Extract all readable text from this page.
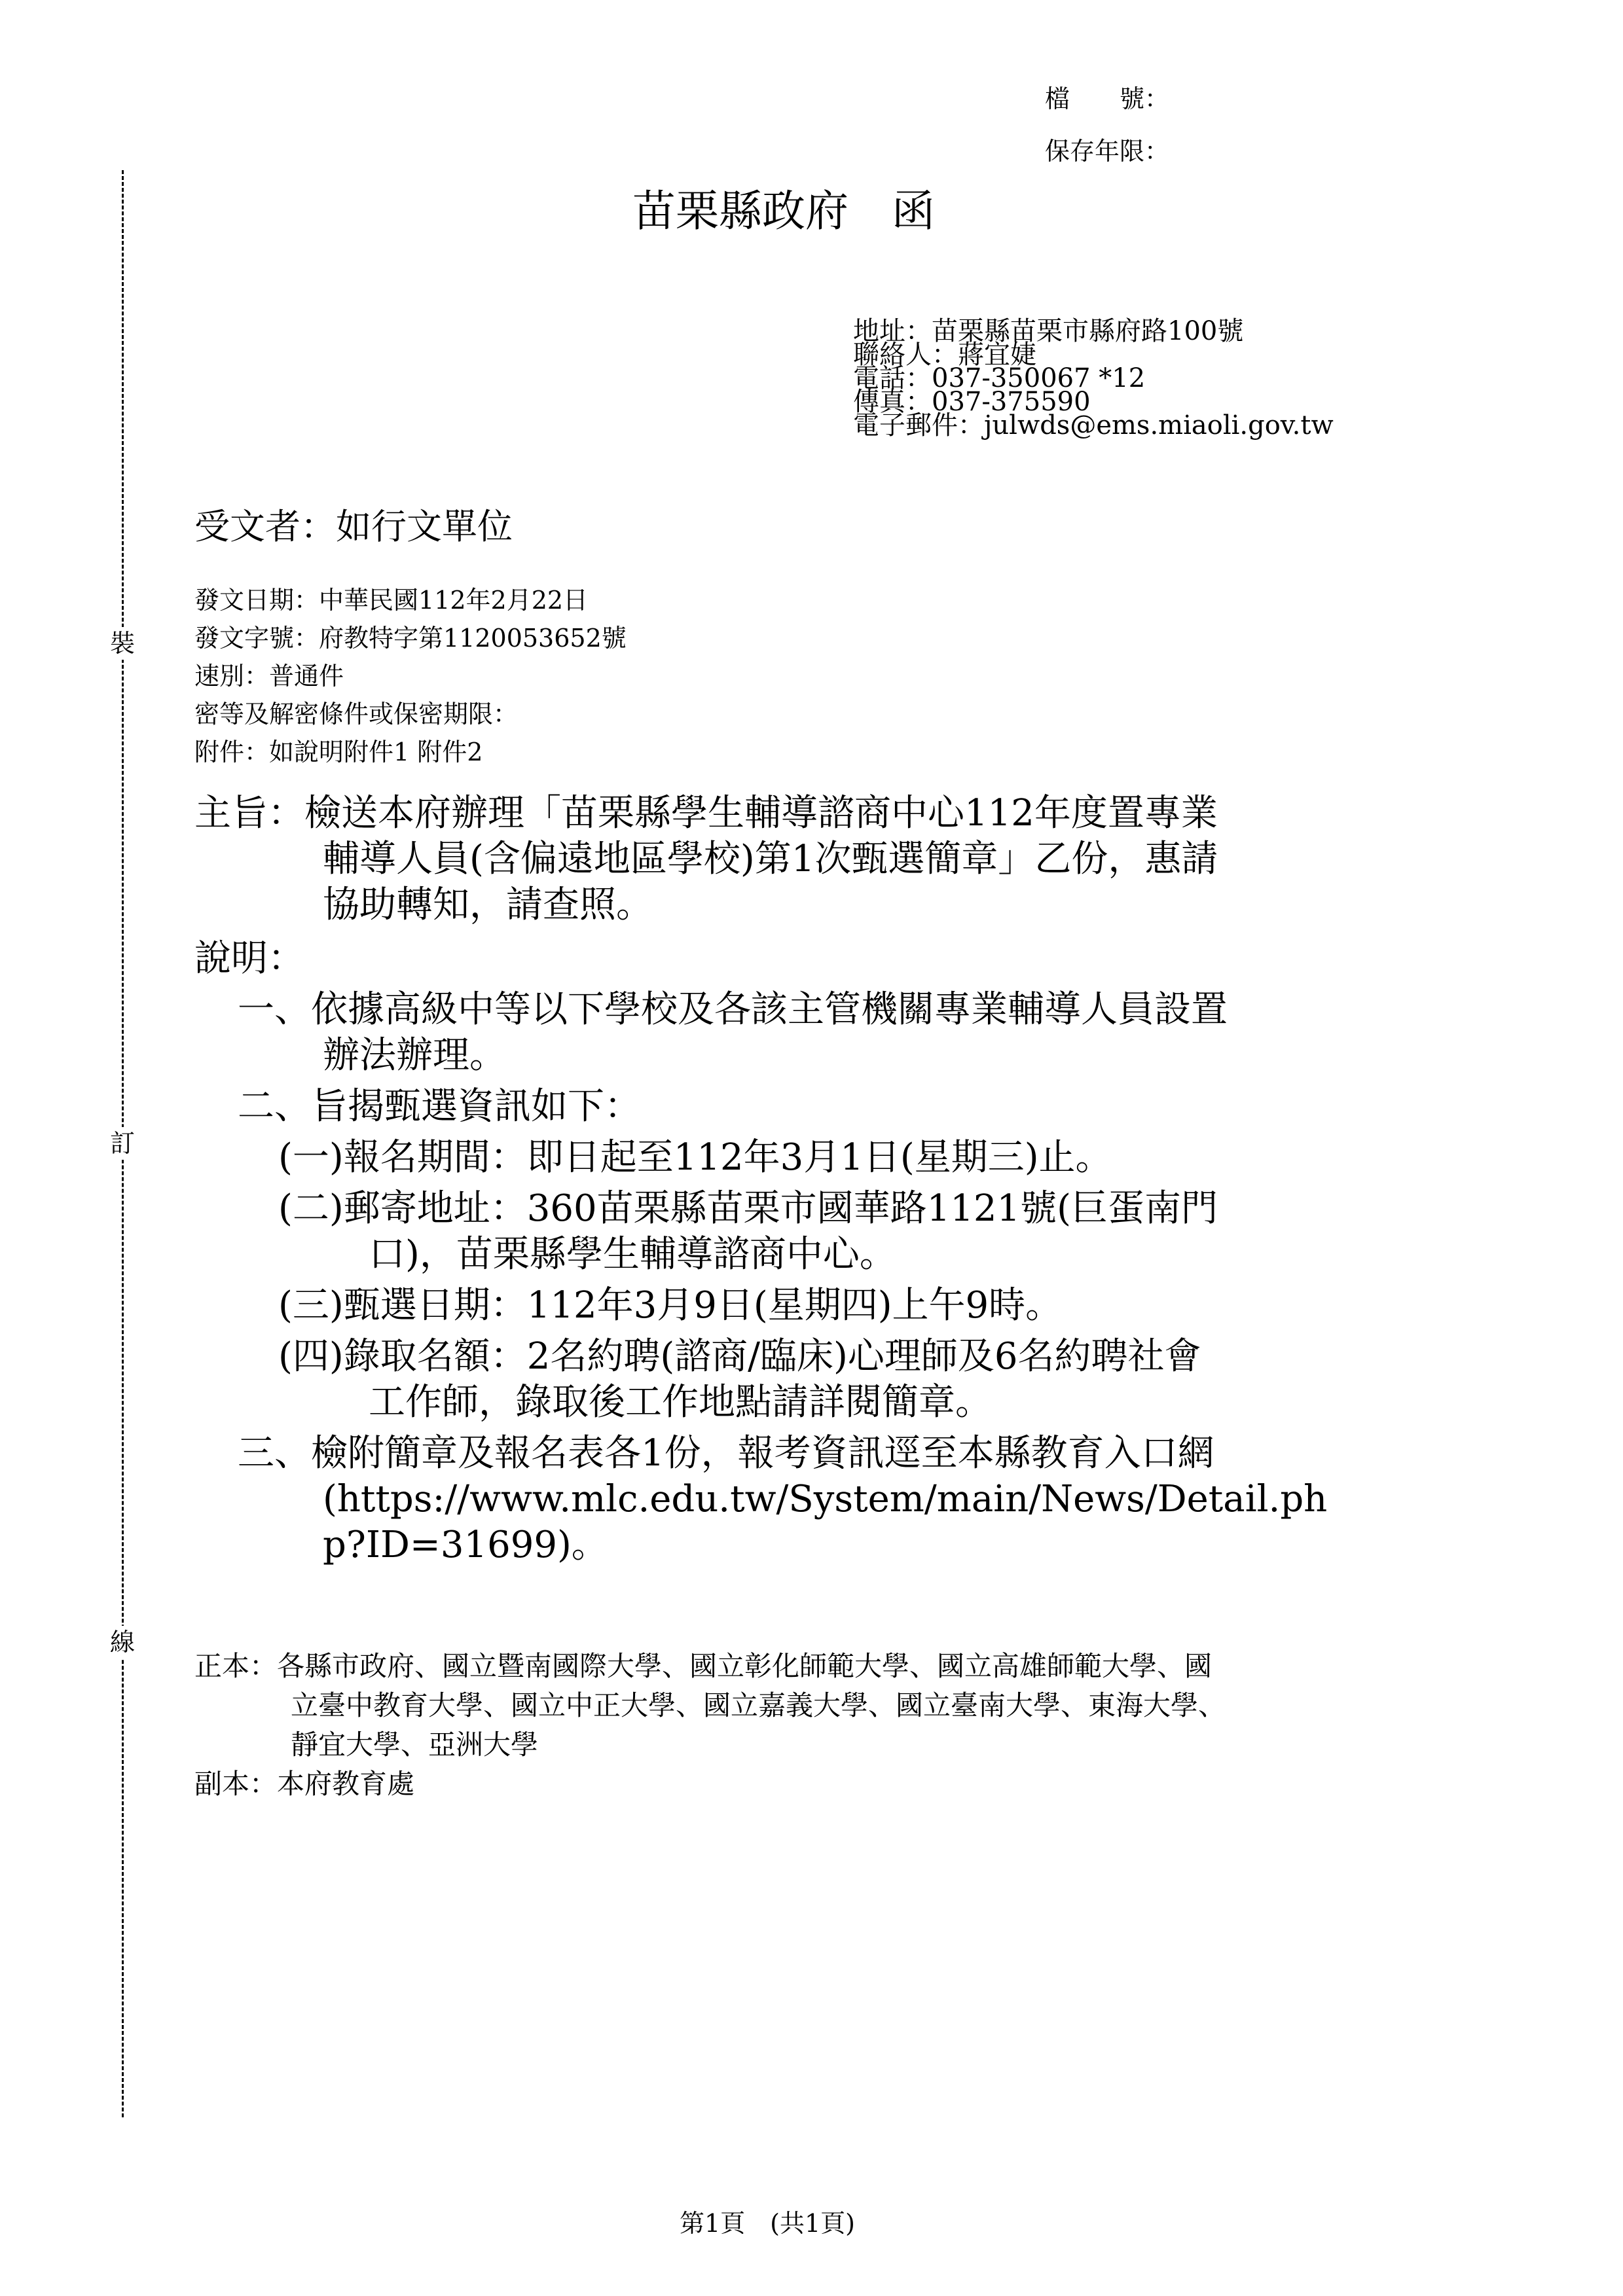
裝
訂
線
檔　　號：
保存年限：
苗栗縣政府　函
地址：苗栗縣苗栗市縣府路100號
聯絡人：蔣宜婕
電話：037-350067 *12
傳真：037-375590
電子郵件：julwds@ems.miaoli.gov.tw
受文者：如行文單位
發文日期：中華民國112年2月22日
發文字號：府教特字第1120053652號
速別：普通件
密等及解密條件或保密期限：
附件：如說明附件1 附件2
主旨：檢送本府辦理「苗栗縣學生輔導諮商中心112年度置專業
輔導人員(含偏遠地區學校)第1次甄選簡章」乙份，惠請
協助轉知，請查照。
說明：
一、依據高級中等以下學校及各該主管機關專業輔導人員設置
辦法辦理。
二、旨揭甄選資訊如下：
(一)報名期間：即日起至112年3月1日(星期三)止。
(二)郵寄地址：360苗栗縣苗栗市國華路1121號(巨蛋南門
口)，苗栗縣學生輔導諮商中心。
(三)甄選日期：112年3月9日(星期四)上午9時。
(四)錄取名額：2名約聘(諮商/臨床)心理師及6名約聘社會
工作師，錄取後工作地點請詳閱簡章。
三、檢附簡章及報名表各1份，報考資訊逕至本縣教育入口網
(https://www.mlc.edu.tw/System/main/News/Detail.ph
p?ID=31699)。
正本：各縣市政府、國立暨南國際大學、國立彰化師範大學、國立高雄師範大學、國
立臺中教育大學、國立中正大學、國立嘉義大學、國立臺南大學、東海大學、
靜宜大學、亞洲大學
副本：本府教育處
第1頁　(共1頁)
